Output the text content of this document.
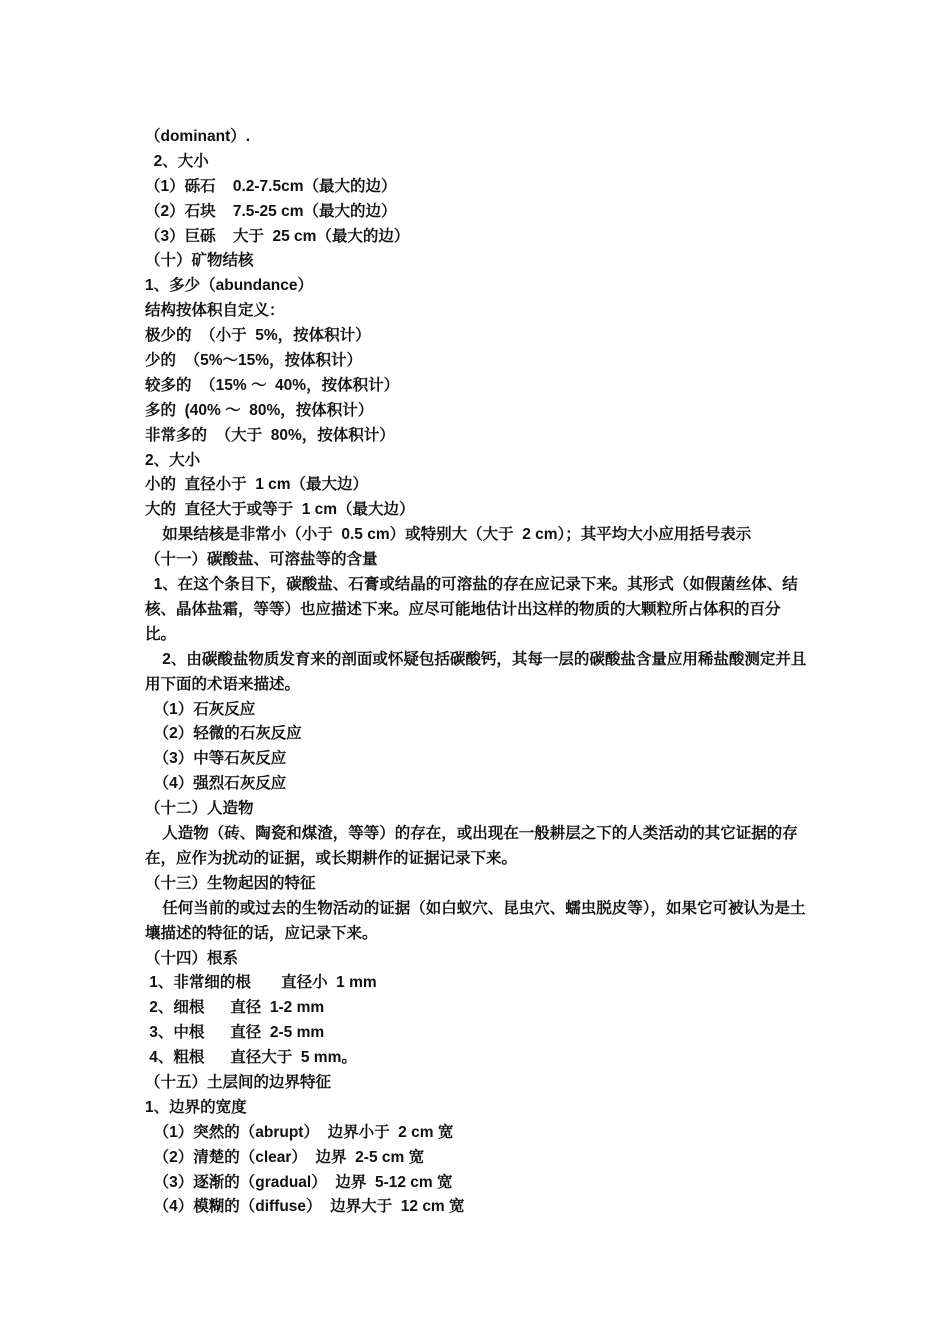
（dominant）.
2、大小
（1）砾石    0.2-7.5cm（最大的边）
（2）石块    7.5-25 cm（最大的边）
（3）巨砾    大于  25 cm（最大的边）
（十）矿物结核
1、多少（abundance）
结构按体积自定义：
极少的  （小于  5%，按体积计）
少的  （5%～15%，按体积计）
较多的  （15% ～  40%，按体积计）
多的  (40% ～  80%，按体积计）
非常多的  （大于  80%，按体积计）
2、大小
小的  直径小于  1 cm（最大边）
大的  直径大于或等于  1 cm（最大边）
如果结核是非常小（小于  0.5 cm）或特别大（大于  2 cm）；其平均大小应用括号表示
（十一）碳酸盐、可溶盐等的含量
1、在这个条目下，碳酸盐、石膏或结晶的可溶盐的存在应记录下来。其形式（如假菌丝体、结核、晶体盐霜，等等）也应描述下来。应尽可能地估计出这样的物质的大颗粒所占体积的百分比。
2、由碳酸盐物质发育来的剖面或怀疑包括碳酸钙，其每一层的碳酸盐含量应用稀盐酸测定并且用下面的术语来描述。
（1）石灰反应
（2）轻微的石灰反应
（3）中等石灰反应
（4）强烈石灰反应
（十二）人造物
人造物（砖、陶瓷和煤渣，等等）的存在，或出现在一般耕层之下的人类活动的其它证据的存在，应作为扰动的证据，或长期耕作的证据记录下来。
（十三）生物起因的特征
任何当前的或过去的生物活动的证据（如白蚁穴、昆虫穴、蠕虫脱皮等），如果它可被认为是土壤描述的特征的话，应记录下来。
（十四）根系
1、非常细的根       直径小  1 mm
2、细根      直径  1-2 mm
3、中根      直径  2-5 mm
4、粗根      直径大于  5 mm。
（十五）土层间的边界特征
1、边界的宽度
（1）突然的（abrupt）  边界小于  2 cm 宽
（2）清楚的（clear）  边界  2-5 cm 宽
（3）逐渐的（gradual）  边界  5-12 cm 宽
（4）模糊的（diffuse）  边界大于  12 cm 宽
